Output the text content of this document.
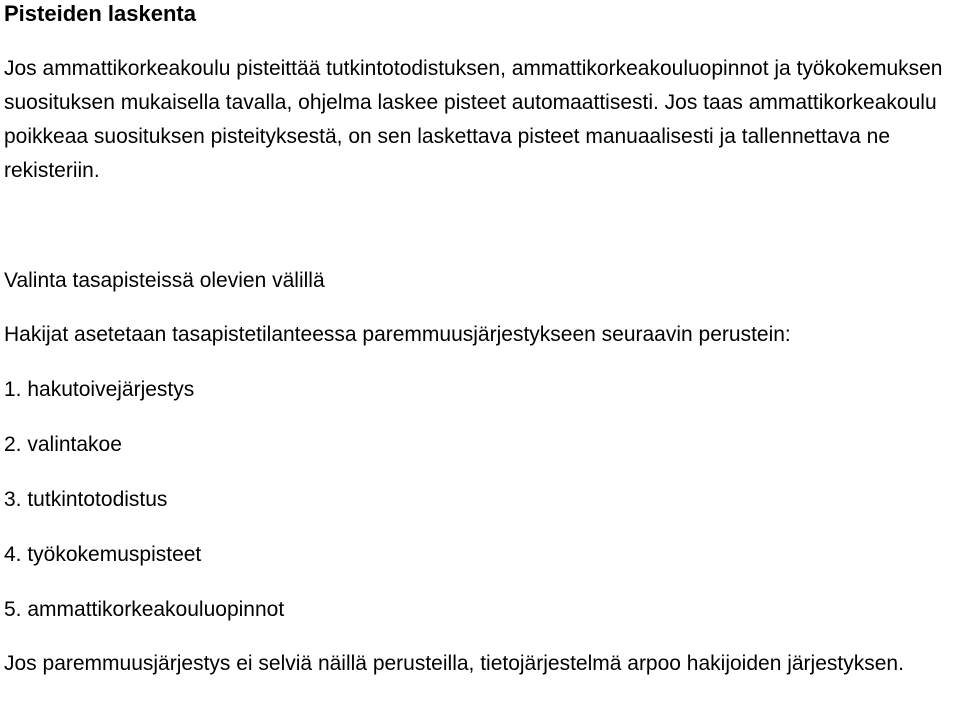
Pisteiden laskenta

Jos ammattikorkeakoulu pisteittää tutkintotodistuksen, ammattikorkeakouluopinnot ja työkokemuksen suosituksen mukaisella tavalla, ohjelma laskee pisteet automaattisesti. Jos taas ammattikorkeakoulu poikkeaa suosituksen pisteityksestä, on sen laskettava pisteet manuaalisesti ja tallennettava ne rekisteriin.

Valinta tasapisteissä olevien välillä

Hakijat asetetaan tasapistetilanteessa paremmuusjärjestykseen seuraavin perustein:

1. hakutoivejärjestys
2. valintakoe
3. tutkintotodistus
4. työkokemuspisteet
5. ammattikorkeakouluopinnot

Jos paremmuusjärjestys ei selviä näillä perusteilla, tietojärjestelmä arpoo hakijoiden järjestyksen.
